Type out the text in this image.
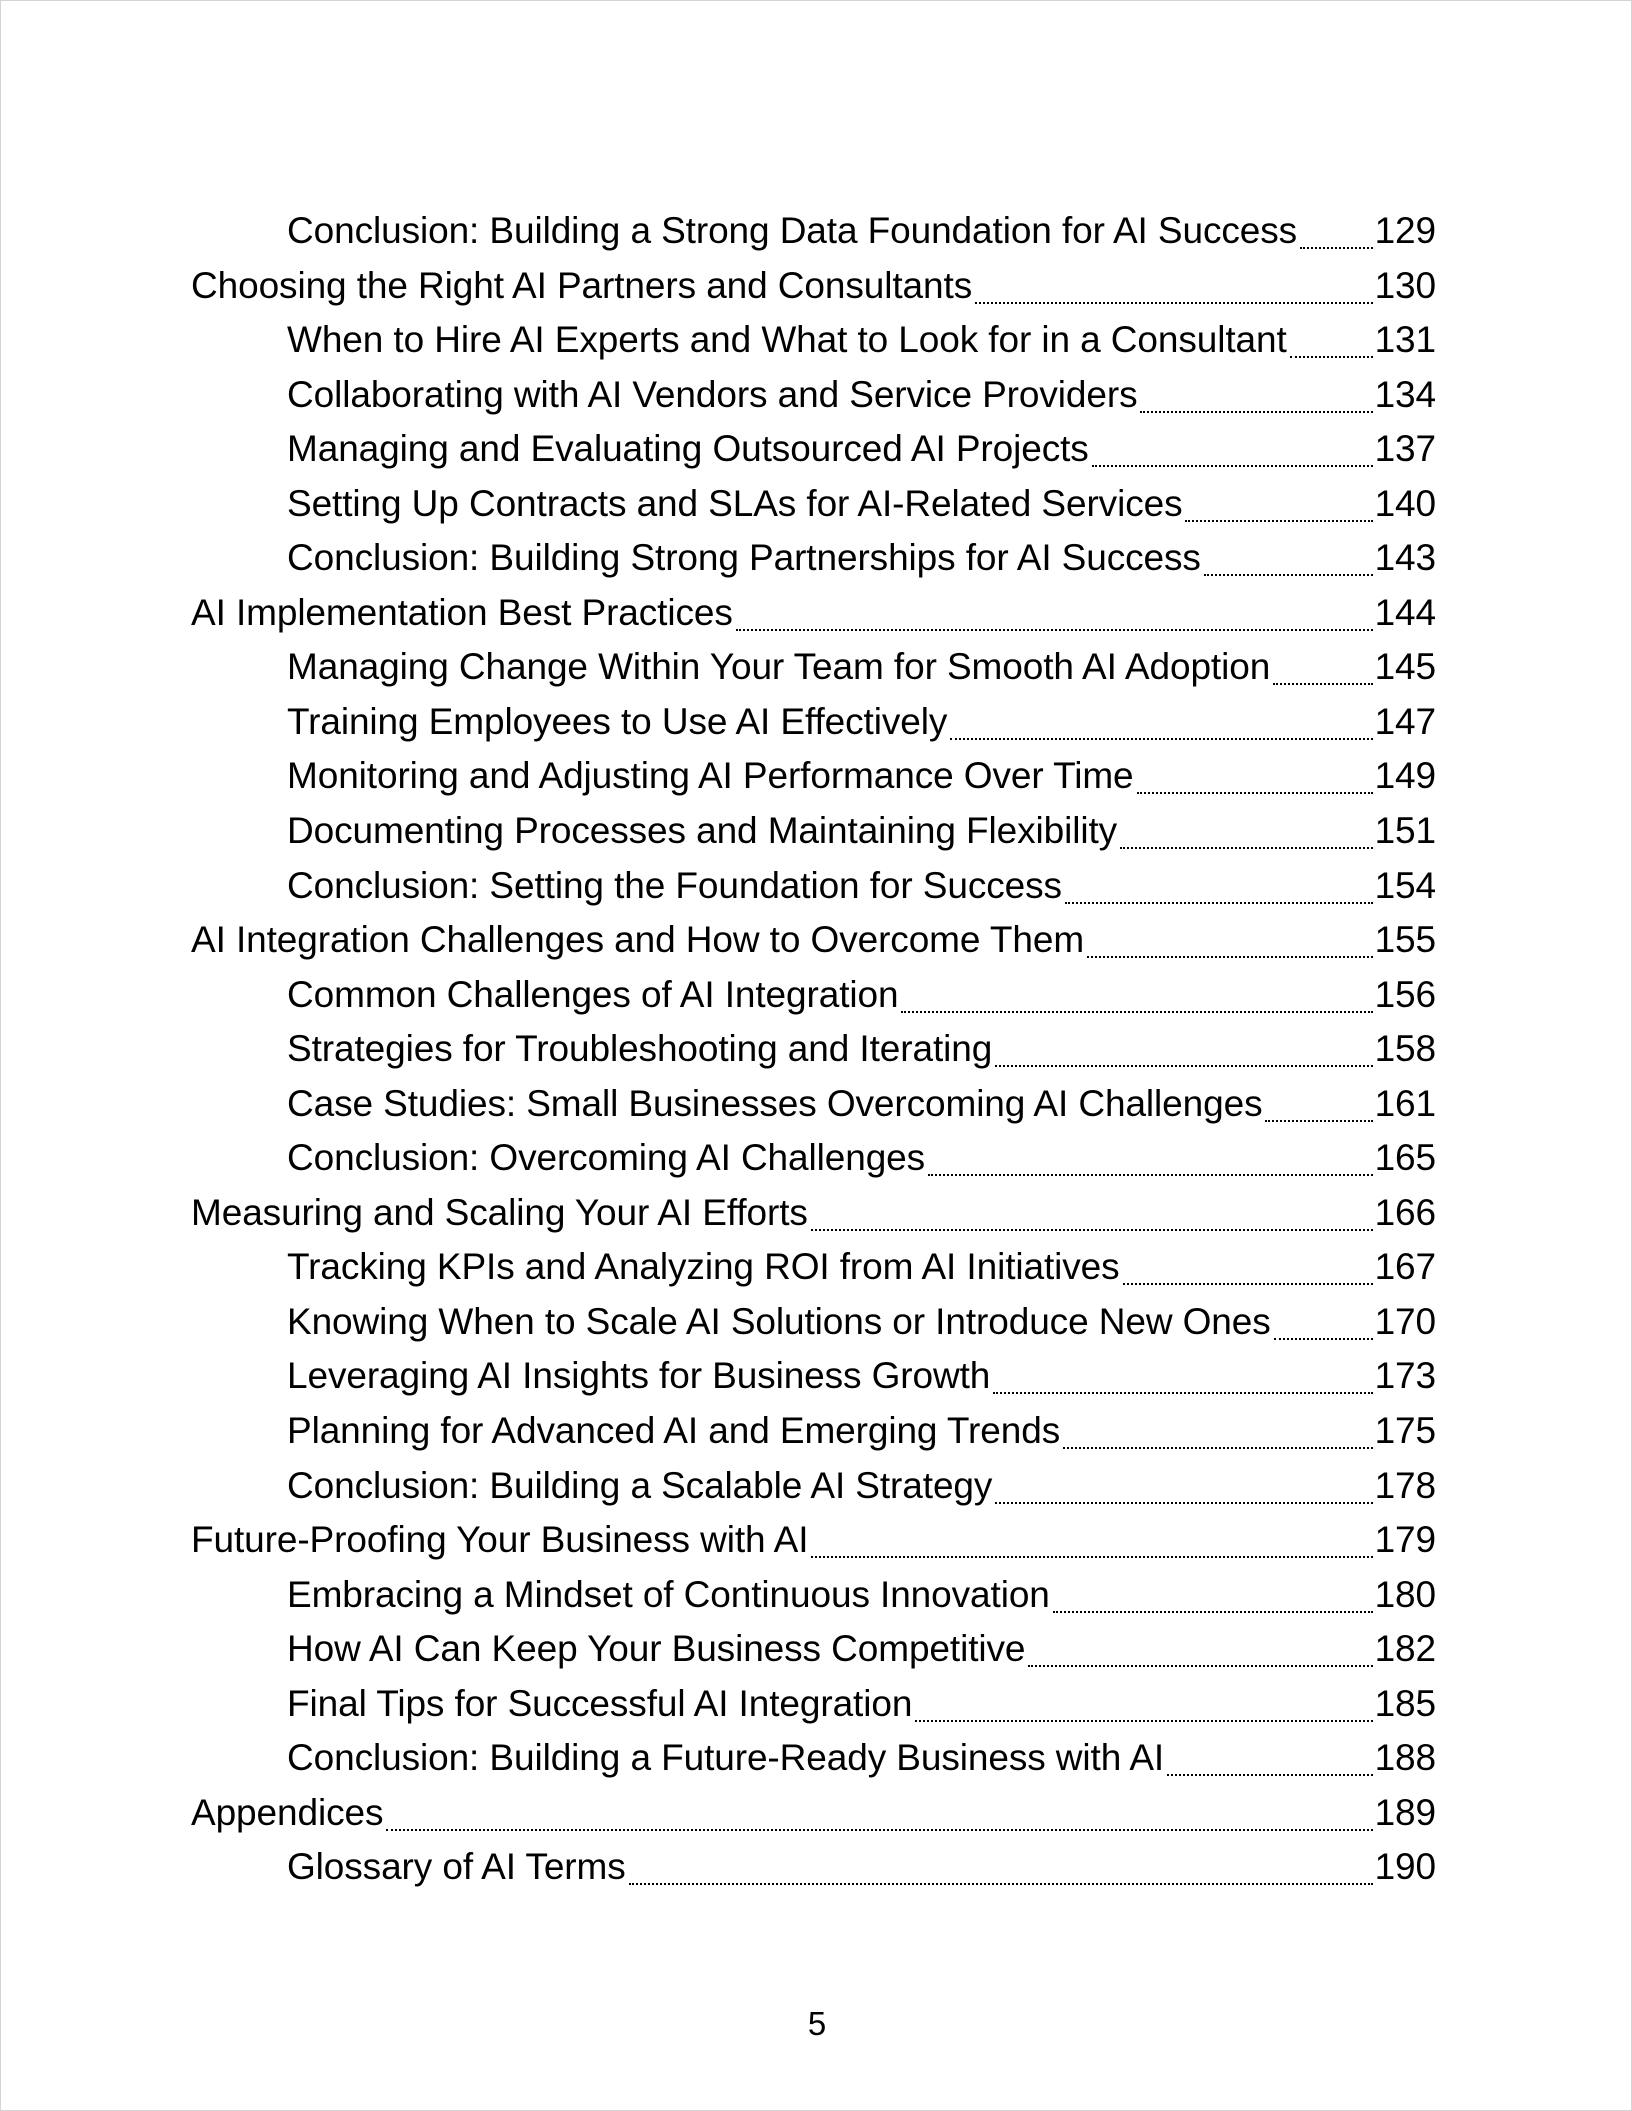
Conclusion: Building a Strong Data Foundation for AI Success 129
Choosing the Right AI Partners and Consultants	130
When to Hire AI Experts and What to Look for in a Consultant 131
Collaborating with AI Vendors and Service Providers	134
Managing and Evaluating Outsourced AI Projects	137
Setting Up Contracts and SLAs for AI-Related Services	140
Conclusion: Building Strong Partnerships for AI Success	143
AI Implementation Best Practices	144
Managing Change Within Your Team for Smooth AI Adoption	145
Training Employees to Use AI Effectively	147
Monitoring and Adjusting AI Performance Over Time	149
Documenting Processes and Maintaining Flexibility	151
Conclusion: Setting the Foundation for Success	154
AI Integration Challenges and How to Overcome Them	155
Common Challenges of AI Integration	156
Strategies for Troubleshooting and Iterating	158
Case Studies: Small Businesses Overcoming AI Challenges	161
Conclusion: Overcoming AI Challenges	165
Measuring and Scaling Your AI Efforts	166
Tracking KPIs and Analyzing ROI from AI Initiatives	167
Knowing When to Scale AI Solutions or Introduce New Ones	170
Leveraging AI Insights for Business Growth	173
Planning for Advanced AI and Emerging Trends	175
Conclusion: Building a Scalable AI Strategy	178
Future-Proofing Your Business with AI	179
Embracing a Mindset of Continuous Innovation	180
How AI Can Keep Your Business Competitive	182
Final Tips for Successful AI Integration	185
Conclusion: Building a Future-Ready Business with AI	188
Appendices	189
Glossary of AI Terms	190
5
